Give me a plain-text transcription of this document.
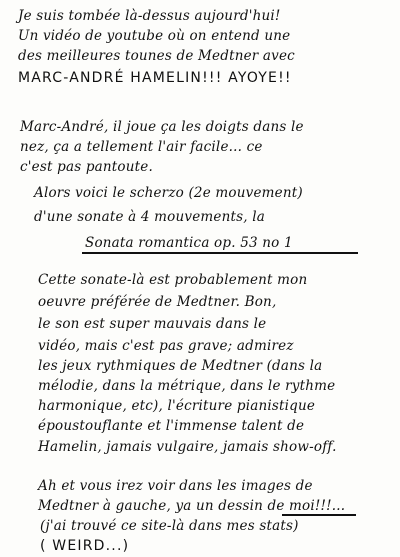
Je suis tombée là-dessus aujourd'hui!
Un vidéo de youtube où on entend une
des meilleures tounes de Medtner avec
MARC-ANDRÉ HAMELIN!!! AYOYE!!
Marc-André, il joue ça les doigts dans le
nez, ça a tellement l'air facile... ce
c'est pas pantoute.
Alors voici le scherzo (2e mouvement)
d'une sonate à 4 mouvements, la
Sonata romantica op. 53 no 1
Cette sonate-là est probablement mon
oeuvre préférée de Medtner. Bon,
le son est super mauvais dans le
vidéo, mais c'est pas grave; admirez
les jeux rythmiques de Medtner (dans la
mélodie, dans la métrique, dans le rythme
harmonique, etc), l'écriture pianistique
époustouflante et l'immense talent de
Hamelin, jamais vulgaire, jamais show-off.
Ah et vous irez voir dans les images de
Medtner à gauche, ya un dessin de moi!!!...
(j'ai trouvé ce site-là dans mes stats)
( WEIRD...)
